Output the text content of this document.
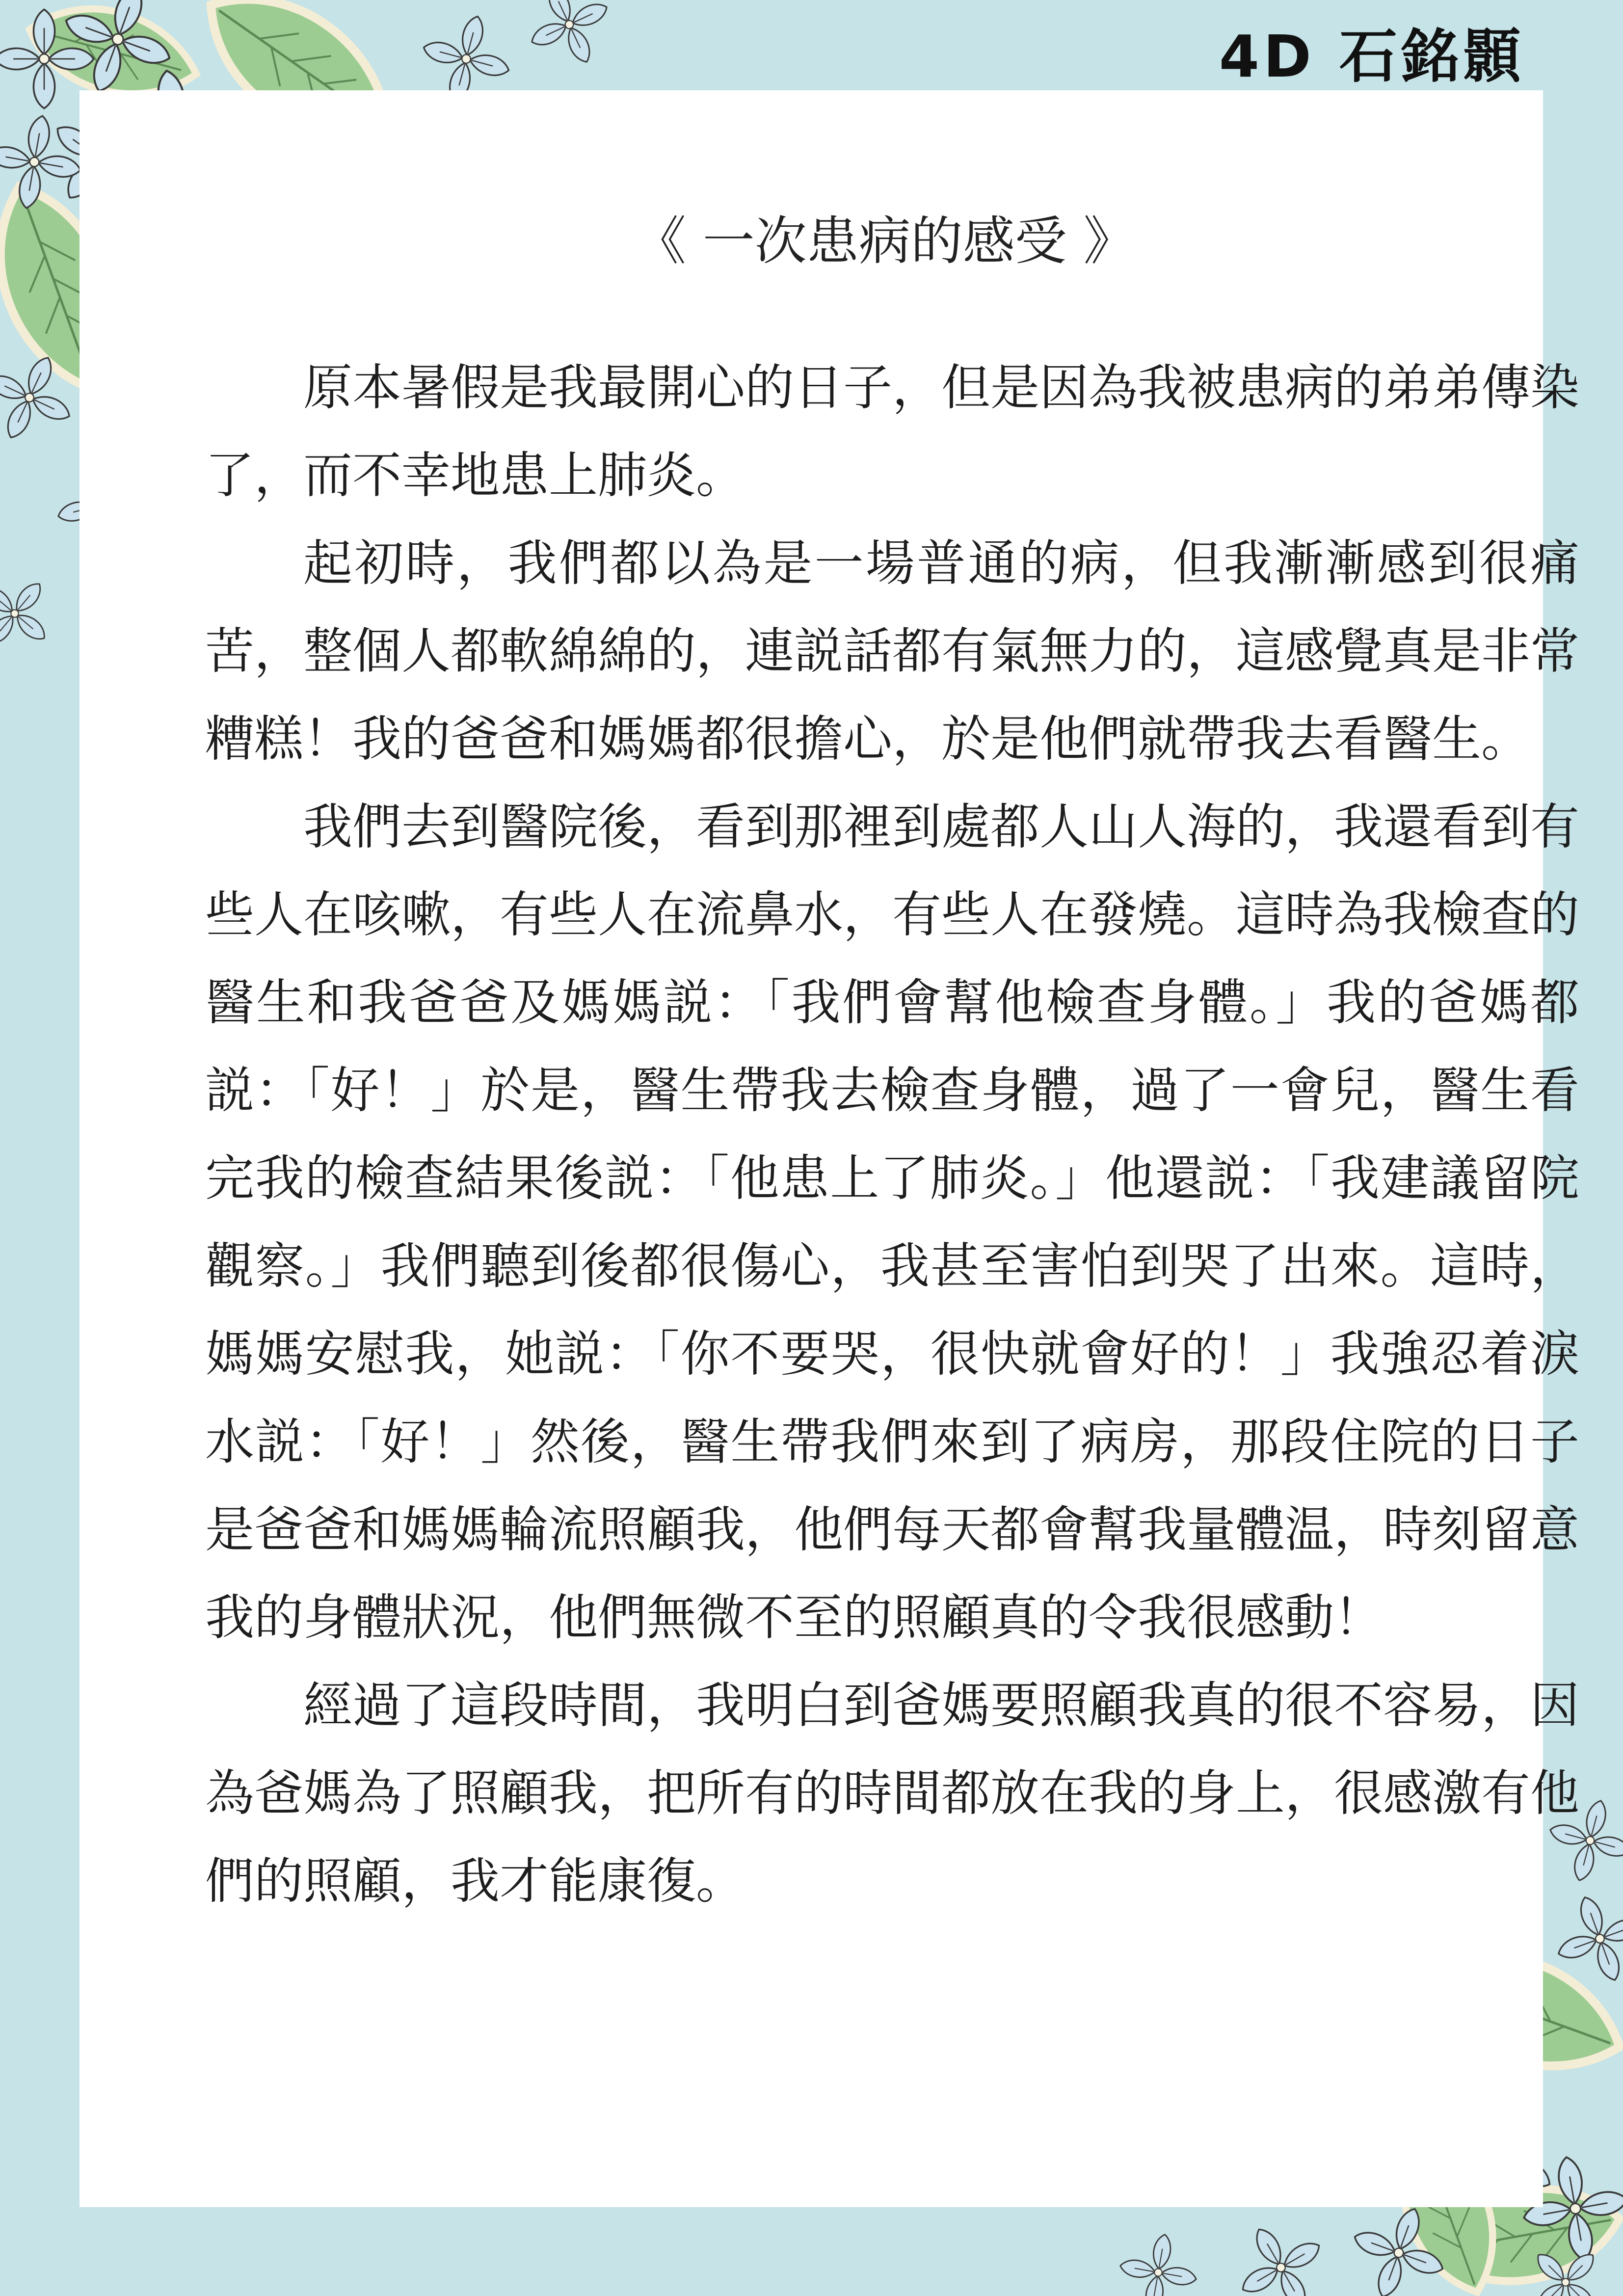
4D 石銘顥
《 一次患病的感受 》

原本暑假是我最開心的日子，但是因為我被患病的弟弟傳染了，而不幸地患上肺炎。

起初時，我們都以為是一場普通的病，但我漸漸感到很痛苦，整個人都軟綿綿的，連説話都有氣無力的，這感覺真是非常糟糕！我的爸爸和媽媽都很擔心，於是他們就帶我去看醫生。

我們去到醫院後，看到那裡到處都人山人海的，我還看到有些人在咳嗽，有些人在流鼻水，有些人在發燒。這時為我檢查的醫生和我爸爸及媽媽説：「我們會幫他檢查身體。」我的爸媽都説：「好！」於是，醫生帶我去檢查身體，過了一會兒，醫生看完我的檢查結果後説：「他患上了肺炎。」他還説：「我建議留院觀察。」我們聽到後都很傷心，我甚至害怕到哭了出來。這時，媽媽安慰我，她説：「你不要哭，很快就會好的！」我強忍着淚水説：「好！」然後，醫生帶我們來到了病房，那段住院的日子是爸爸和媽媽輪流照顧我，他們每天都會幫我量體温，時刻留意我的身體狀況，他們無微不至的照顧真的令我很感動！

經過了這段時間，我明白到爸媽要照顧我真的很不容易，因為爸媽為了照顧我，把所有的時間都放在我的身上，很感激有他們的照顧，我才能康復。
